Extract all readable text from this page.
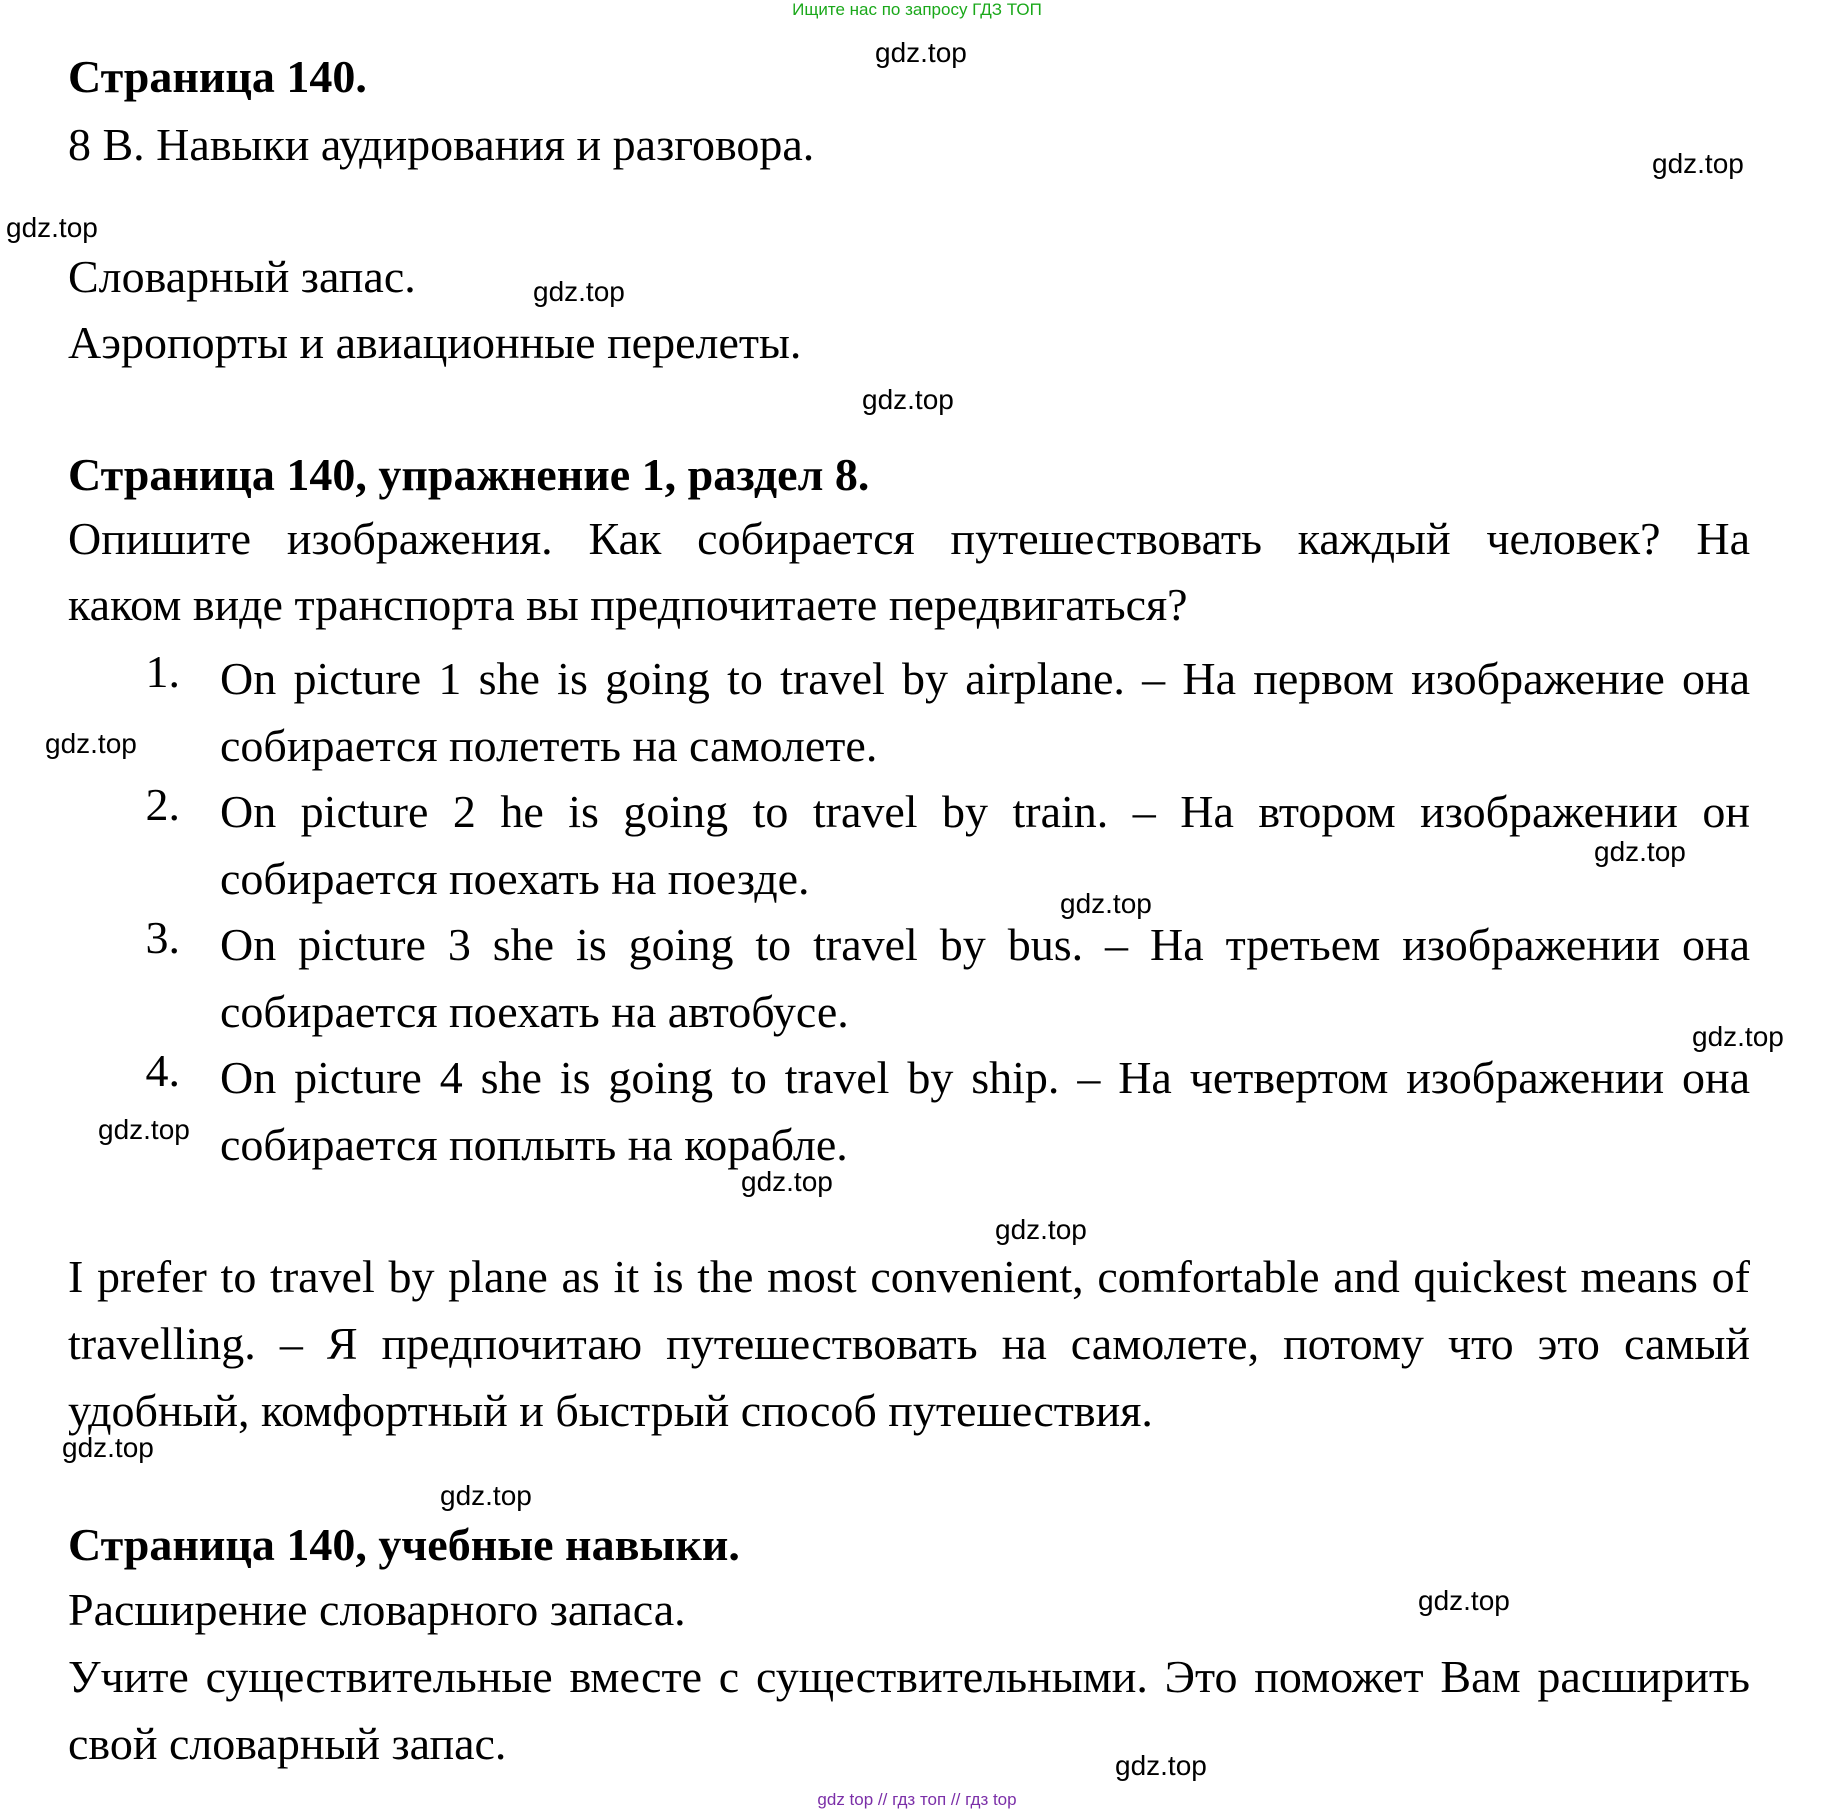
Ищите нас по запросу ГДЗ ТОП
Страница 140.
8 B. Навыки аудирования и разговора.
Словарный запас.
Аэропорты и авиационные перелеты.
Страница 140, упражнение 1, раздел 8.
Опишите изображения. Как собирается путешествовать каждый человек? На
каком виде транспорта вы предпочитаете передвигаться?
1. On picture 1 she is going to travel by airplane. – На первом изображение она собирается полететь на самолете.
2. On picture 2 he is going to travel by train. – На втором изображении он собирается поехать на поезде.
3. On picture 3 she is going to travel by bus. – На третьем изображении она собирается поехать на автобусе.
4. On picture 4 she is going to travel by ship. – На четвертом изображении она собирается поплыть на корабле.
I prefer to travel by plane as it is the most convenient, comfortable and quickest means of travelling. – Я предпочитаю путешествовать на самолете, потому что это самый удобный, комфортный и быстрый способ путешествия.
Страница 140, учебные навыки.
Расширение словарного запаса.
Учите существительные вместе с существительными. Это поможет Вам расширить свой словарный запас.
gdz.top
gdz.top
gdz.top
gdz.top
gdz.top
gdz.top
gdz.top
gdz.top
gdz.top
gdz.top
gdz.top
gdz.top
gdz.top
gdz.top
gdz.top
gdz.top
gdz top // гдз топ // гдз top
